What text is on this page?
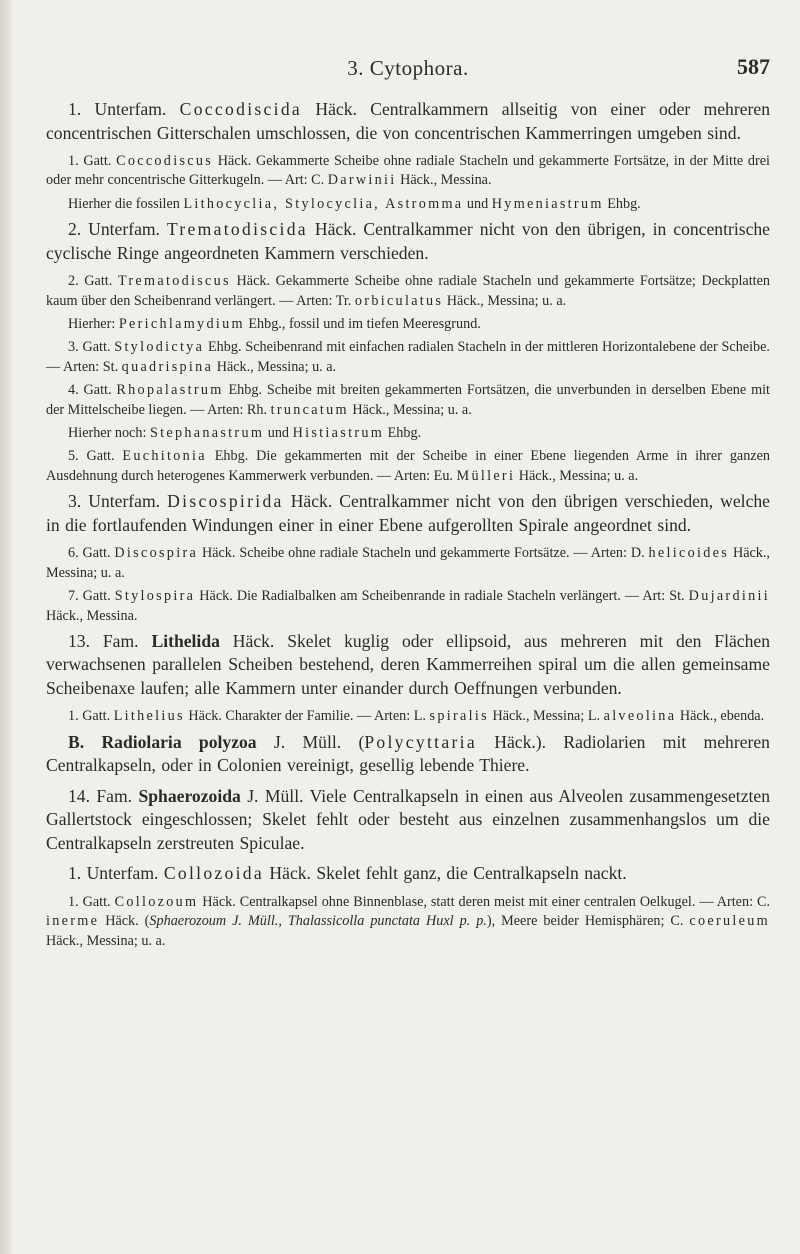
3. Cytophora.	587

1. Unterfam. Coccodiscida Häck. Centralkammern allseitig von einer oder mehreren concentrischen Gitterschalen umschlossen, die von concentrischen Kammerringen umgeben sind.

1. Gatt. Coccodiscus Häck. Gekammerte Scheibe ohne radiale Stacheln und gekammerte Fortsätze, in der Mitte drei oder mehr concentrische Gitterkugeln. — Art: C. Darwinii Häck., Messina.

Hierher die fossilen Lithocyclia, Stylocyclia, Astromma und Hymeniastrum Ehbg.

2. Unterfam. Trematodiscida Häck. Centralkammer nicht von den übrigen, in concentrische cyclische Ringe angeordneten Kammern verschieden.

2. Gatt. Trematodiscus Häck. Gekammerte Scheibe ohne radiale Stacheln und gekammerte Fortsätze; Deckplatten kaum über den Scheibenrand verlängert. — Arten: Tr. orbiculatus Häck., Messina; u. a.

Hierher: Perichlamydium Ehbg., fossil und im tiefen Meeresgrund.

3. Gatt. Stylodictya Ehbg. Scheibenrand mit einfachen radialen Stacheln in der mittleren Horizontalebene der Scheibe. — Arten: St. quadrispina Häck., Messina; u. a.

4. Gatt. Rhopalastrum Ehbg. Scheibe mit breiten gekammerten Fortsätzen, die unverbunden in derselben Ebene mit der Mittelscheibe liegen. — Arten: Rh. truncatum Häck., Messina; u. a.

Hierher noch: Stephanastrum und Histiastrum Ehbg.

5. Gatt. Euchitonia Ehbg. Die gekammerten mit der Scheibe in einer Ebene liegenden Arme in ihrer ganzen Ausdehnung durch heterogenes Kammerwerk verbunden. — Arten: Eu. Mülleri Häck., Messina; u. a.

3. Unterfam. Discospirida Häck. Centralkammer nicht von den übrigen verschieden, welche in die fortlaufenden Windungen einer in einer Ebene aufgerollten Spirale angeordnet sind.

6. Gatt. Discospira Häck. Scheibe ohne radiale Stacheln und gekammerte Fortsätze. — Arten: D. helicoides Häck., Messina; u. a.

7. Gatt. Stylospira Häck. Die Radialbalken am Scheibenrande in radiale Stacheln verlängert. — Art: St. Dujardinii Häck., Messina.

13. Fam. Lithelida Häck. Skelet kuglig oder ellipsoid, aus mehreren mit den Flächen verwachsenen parallelen Scheiben bestehend, deren Kammerreihen spiral um die allen gemeinsame Scheibenaxe laufen; alle Kammern unter einander durch Oeffnungen verbunden.

1. Gatt. Lithelius Häck. Charakter der Familie. — Arten: L. spiralis Häck., Messina; L. alveolina Häck., ebenda.

B. Radiolaria polyzoa J. Müll. (Polycyttaria Häck.). Radiolarien mit mehreren Centralkapseln, oder in Colonien vereinigt, gesellig lebende Thiere.

14. Fam. Sphaerozoida J. Müll. Viele Centralkapseln in einen aus Alveolen zusammengesetzten Gallertstock eingeschlossen; Skelet fehlt oder besteht aus einzelnen zusammenhangslos um die Centralkapseln zerstreuten Spiculae.

1. Unterfam. Collozoida Häck. Skelet fehlt ganz, die Centralkapseln nackt.

1. Gatt. Collozoum Häck. Centralkapsel ohne Binnenblase, statt deren meist mit einer centralen Oelkugel. — Arten: C. inerme Häck. (Sphaerozoum J. Müll., Thalassicolla punctata Huxl p. p.), Meere beider Hemisphären; C. coeruleum Häck., Messina; u. a.
